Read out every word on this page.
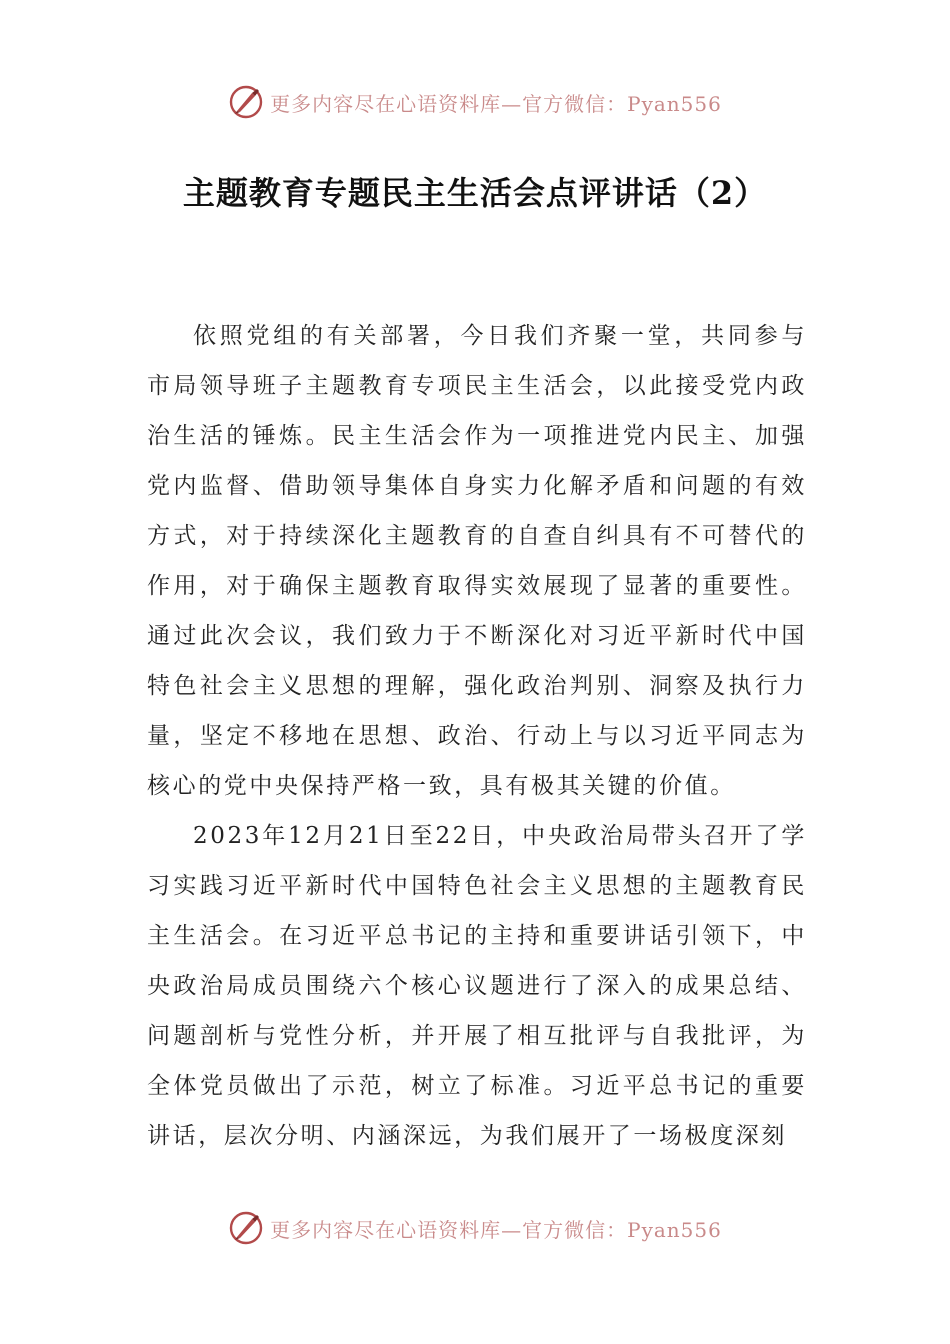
更多内容尽在心语资料库—官方微信：Pyan556
主题教育专题民主生活会点评讲话（2）

依照党组的有关部署，今日我们齐聚一堂，共同参与市局领导班子主题教育专项民主生活会，以此接受党内政治生活的锤炼。民主生活会作为一项推进党内民主、加强党内监督、借助领导集体自身实力化解矛盾和问题的有效方式，对于持续深化主题教育的自查自纠具有不可替代的作用，对于确保主题教育取得实效展现了显著的重要性。通过此次会议，我们致力于不断深化对习近平新时代中国特色社会主义思想的理解，强化政治判别、洞察及执行力量，坚定不移地在思想、政治、行动上与以习近平同志为核心的党中央保持严格一致，具有极其关键的价值。

2023年12月21日至22日，中央政治局带头召开了学习实践习近平新时代中国特色社会主义思想的主题教育民主生活会。在习近平总书记的主持和重要讲话引领下，中央政治局成员围绕六个核心议题进行了深入的成果总结、问题剖析与党性分析，并开展了相互批评与自我批评，为全体党员做出了示范，树立了标准。习近平总书记的重要讲话，层次分明、内涵深远，为我们展开了一场极度深刻

更多内容尽在心语资料库—官方微信：Pyan556
